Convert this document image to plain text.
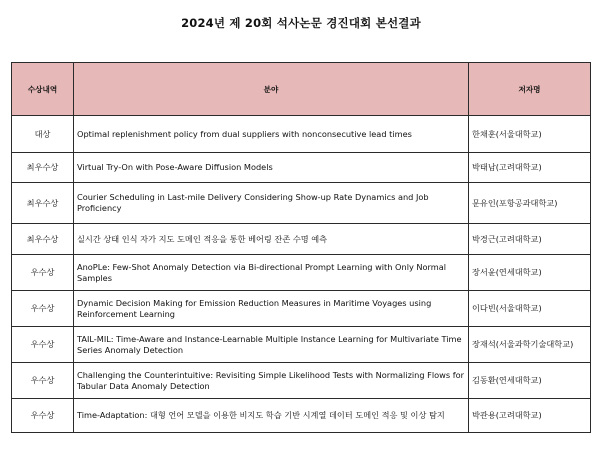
2024년 제 20회 석사논문 경진대회 본선결과
수상내역	분야	저자명
대상	Optimal replenishment policy from dual suppliers with nonconsecutive lead times	한채훈(서울대학교)
최우수상	Virtual Try-On with Pose-Aware Diffusion Models	박태남(고려대학교)
최우수상	Courier Scheduling in Last-mile Delivery Considering Show-up Rate Dynamics and Job Proficiency	문유인(포항공과대학교)
최우수상	실시간 상태 인식 자가 지도 도메인 적응을 통한 베어링 잔존 수명 예측	박경근(고려대학교)
우수상	AnoPLe: Few-Shot Anomaly Detection via Bi-directional Prompt Learning with Only Normal Samples	장서윤(연세대학교)
우수상	Dynamic Decision Making for Emission Reduction Measures in Maritime Voyages using Reinforcement Learning	이다빈(서울대학교)
우수상	TAIL-MIL: Time-Aware and Instance-Learnable Multiple Instance Learning for Multivariate Time Series Anomaly Detection	장재석(서울과학기술대학교)
우수상	Challenging the Counterintuitive: Revisiting Simple Likelihood Tests with Normalizing Flows for Tabular Data Anomaly Detection	김동환(연세대학교)
우수상	Time-Adaptation: 대형 언어 모델을 이용한 비지도 학습 기반 시계열 데이터 도메인 적응 및 이상 탐지	박관용(고려대학교)
